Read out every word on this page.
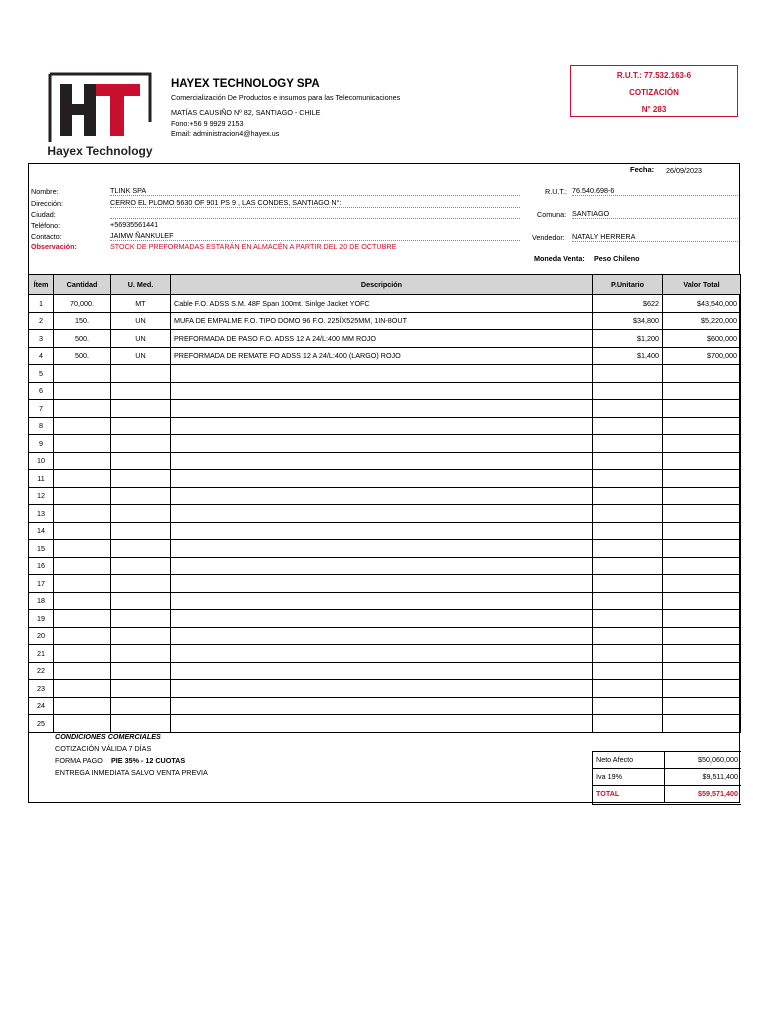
Hayex Technology
HAYEX TECHNOLOGY SPA
Comercialización De Productos e insumos para las Telecomunicaciones
MATÍAS CAUSIÑO Nº 82, SANTIAGO - CHILE
Fono:+56 9 9929 2153
Email: administracion4@hayex.us
R.U.T.: 77.532.163-6
COTIZACIÓN
N° 283
Fecha: 26/09/2023
Nombre:	TLINK SPA
Dirección:	CERRO EL PLOMO 5630 OF 901 PS 9 , LAS CONDES, SANTIAGO N°:
Ciudad:
Teléfono:	+56935561441
Contacto:	JAIMW ÑANKULEF
Observación:	STOCK DE PREFORMADAS ESTARÁN EN ALMACÉN A PARTIR DEL 20 DE OCTUBRE
R.U.T.: 76.540.698-6
Comuna: SANTIAGO
Vendedor: NATALY HERRERA
Moneda Venta: Peso Chileno
Ítem	Cantidad	U. Med.	Descripción	P.Unitario	Valor Total
1	70,000.	MT	Cable F.O. ADSS S.M. 48F Span 100mt. Sinlge Jacket YOFC	$622	$43,540,000
2	150.	UN	MUFA DE EMPALME F.O. TIPO DOMO 96 F.O. 225ÍX525MM, 1IN-8OUT	$34,800	$5,220,000
3	500.	UN	PREFORMADA DE PASO F.O. ADSS 12 A 24/L:400 MM ROJO	$1,200	$600,000
4	500.	UN	PREFORMADA DE REMATE FO ADSS 12 A 24/L:400 (LARGO) ROJO	$1,400	$700,000
5					
6					
7					
8					
9					
10					
11					
12					
13					
14					
15					
16					
17					
18					
19					
20					
21					
22					
23					
24					
25					
CONDICIONES COMERCIALES
COTIZACIÓN VÁLIDA 7 DÍAS
FORMA PAGO PIE 35% - 12 CUOTAS
ENTREGA INMEDIATA SALVO VENTA PREVIA
Neto Afecto	$50,060,000
Iva 19%	$9,511,400
TOTAL	$59,571,400
